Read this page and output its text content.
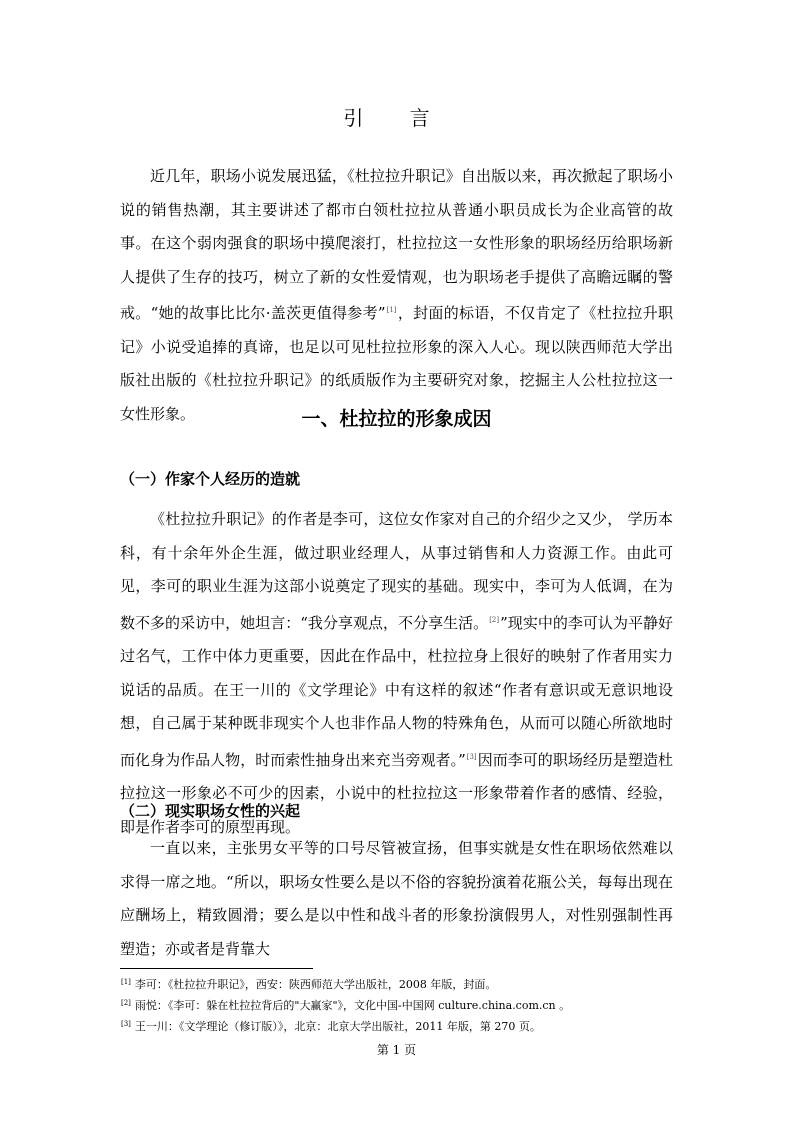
引 言

近几年，职场小说发展迅猛，《杜拉拉升职记》自出版以来，再次掀起了职场小说的销售热潮，其主要讲述了都市白领杜拉拉从普通小职员成长为企业高管的故事。在这个弱肉强食的职场中摸爬滚打，杜拉拉这一女性形象的职场经历给职场新人提供了生存的技巧，树立了新的女性爱情观，也为职场老手提供了高瞻远瞩的警戒。“她的故事比比尔·盖茨更值得参考”[1]，封面的标语，不仅肯定了《杜拉拉升职记》小说受追捧的真谛，也足以可见杜拉拉形象的深入人心。现以陕西师范大学出版社出版的《杜拉拉升职记》的纸质版作为主要研究对象，挖掘主人公杜拉拉这一女性形象。	一、杜拉拉的形象成因
（一）作家个人经历的造就

《杜拉拉升职记》的作者是李可，这位女作家对自己的介绍少之又少， 学历本科，有十余年外企生涯，做过职业经理人，从事过销售和人力资源工作。由此可见，李可的职业生涯为这部小说奠定了现实的基础。现实中，李可为人低调，在为数不多的采访中，她坦言：“我分享观点，不分享生活。[2]”现实中的李可认为平静好过名气，工作中体力更重要，因此在作品中，杜拉拉身上很好的映射了作者用实力说话的品质。在王一川的《文学理论》中有这样的叙述“作者有意识或无意识地设想，自己属于某种既非现实个人也非作品人物的特殊角色，从而可以随心所欲地时而化身为作品人物，时而索性抽身出来充当旁观者。”[3]因而李可的职场经历是塑造杜拉拉这一形象必不可少的因素，小说中的杜拉拉这一形象带着作者的感情、经验，即是作者李可的原型再现。

（二）现实职场女性的兴起

一直以来，主张男女平等的口号尽管被宣扬，但事实就是女性在职场依然难以求得一席之地。“所以，职场女性要么是以不俗的容貌扮演着花瓶公关，每每出现在应酬场上，精致圆滑；要么是以中性和战斗者的形象扮演假男人，对性别强制性再塑造；亦或者是背靠大

[1] 李可：《杜拉拉升职记》，西安：陕西师范大学出版社，2008 年版，封面。
[2] 雨悦：《李可：躲在杜拉拉背后的"大赢家"》，文化中国-中国网 culture.china.com.cn 。
[3] 王一川：《文学理论（修订版）》，北京：北京大学出版社，2011 年版，第 270 页。
第 1 页
